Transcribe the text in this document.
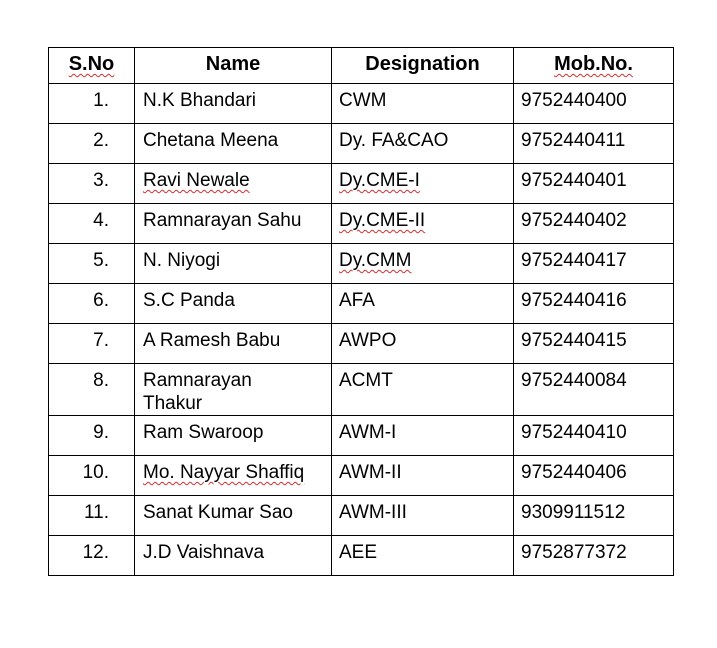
S.No	Name	Designation	Mob.No.
1.	N.K Bhandari	CWM	9752440400
2.	Chetana Meena	Dy. FA&CAO	9752440411
3.	Ravi Newale	Dy.CME-I	9752440401
4.	Ramnarayan Sahu	Dy.CME-II	9752440402
5.	N. Niyogi	Dy.CMM	9752440417
6.	S.C Panda	AFA	9752440416
7.	A Ramesh Babu	AWPO	9752440415
8.	Ramnarayan Thakur	ACMT	9752440084
9.	Ram Swaroop	AWM-I	9752440410
10.	Mo. Nayyar Shaffiq	AWM-II	9752440406
11.	Sanat Kumar Sao	AWM-III	9309911512
12.	J.D Vaishnava	AEE	9752877372
